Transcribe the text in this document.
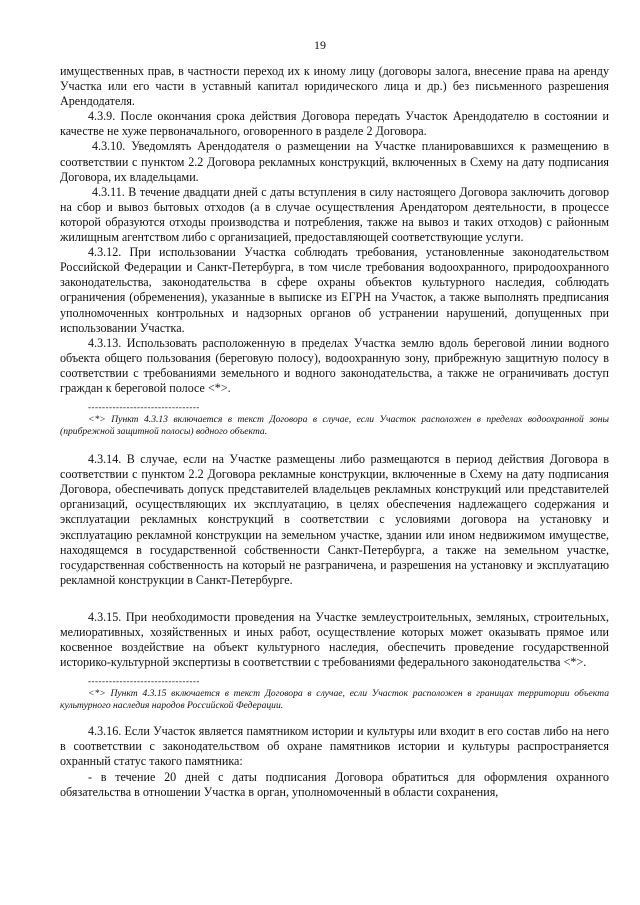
19

имущественных прав, в частности переход их к иному лицу (договоры залога, внесение права на аренду Участка или его части в уставный капитал юридического лица и др.) без письменного разрешения Арендодателя.

4.3.9. После окончания срока действия Договора передать Участок Арендодателю в состоянии и качестве не хуже первоначального, оговоренного в разделе 2 Договора.

4.3.10. Уведомлять Арендодателя о размещении на Участке планировавшихся к размещению в соответствии с пунктом 2.2 Договора рекламных конструкций, включенных в Схему на дату подписания Договора, их владельцами.

4.3.11. В течение двадцати дней с даты вступления в силу настоящего Договора заключить договор на сбор и вывоз бытовых отходов (а в случае осуществления Арендатором деятельности, в процессе которой образуются отходы производства и потребления, также на вывоз и таких отходов) с районным жилищным агентством либо с организацией, предоставляющей соответствующие услуги.

4.3.12. При использовании Участка соблюдать требования, установленные законодательством Российской Федерации и Санкт-Петербурга, в том числе требования водоохранного, природоохранного законодательства, законодательства в сфере охраны объектов культурного наследия, соблюдать ограничения (обременения), указанные в выписке из ЕГРН на Участок, а также выполнять предписания уполномоченных контрольных и надзорных органов об устранении нарушений, допущенных при использовании Участка.

4.3.13. Использовать расположенную в пределах Участка землю вдоль береговой линии водного объекта общего пользования (береговую полосу), водоохранную зону, прибрежную защитную полосу в соответствии с требованиями земельного и водного законодательства, а также не ограничивать доступ граждан к береговой полосе <*>.

--------------------------------

<*> Пункт 4.3.13 включается в текст Договора в случае, если Участок расположен в пределах водоохранной зоны (прибрежной защитной полосы) водного объекта.

4.3.14. В случае, если на Участке размещены либо размещаются в период действия Договора в соответствии с пунктом 2.2 Договора рекламные конструкции, включенные в Схему на дату подписания Договора, обеспечивать допуск представителей владельцев рекламных конструкций или представителей организаций, осуществляющих их эксплуатацию, в целях обеспечения надлежащего содержания и эксплуатации рекламных конструкций в соответствии с условиями договора на установку и эксплуатацию рекламной конструкции на земельном участке, здании или ином недвижимом имуществе, находящемся в государственной собственности Санкт-Петербурга, а также на земельном участке, государственная собственность на который не разграничена, и разрешения на установку и эксплуатацию рекламной конструкции в Санкт-Петербурге.

4.3.15. При необходимости проведения на Участке землеустроительных, земляных, строительных, мелиоративных, хозяйственных и иных работ, осуществление которых может оказывать прямое или косвенное воздействие на объект культурного наследия, обеспечить проведение государственной историко-культурной экспертизы в соответствии с требованиями федерального законодательства <*>.

--------------------------------

<*> Пункт 4.3.15 включается в текст Договора в случае, если Участок расположен в границах территории объекта культурного наследия народов Российской Федерации.

4.3.16. Если Участок является памятником истории и культуры или входит в его состав либо на него в соответствии с законодательством об охране памятников истории и культуры распространяется охранный статус такого памятника:

- в течение 20 дней с даты подписания Договора обратиться для оформления охранного обязательства в отношении Участка в орган, уполномоченный в области сохранения,
